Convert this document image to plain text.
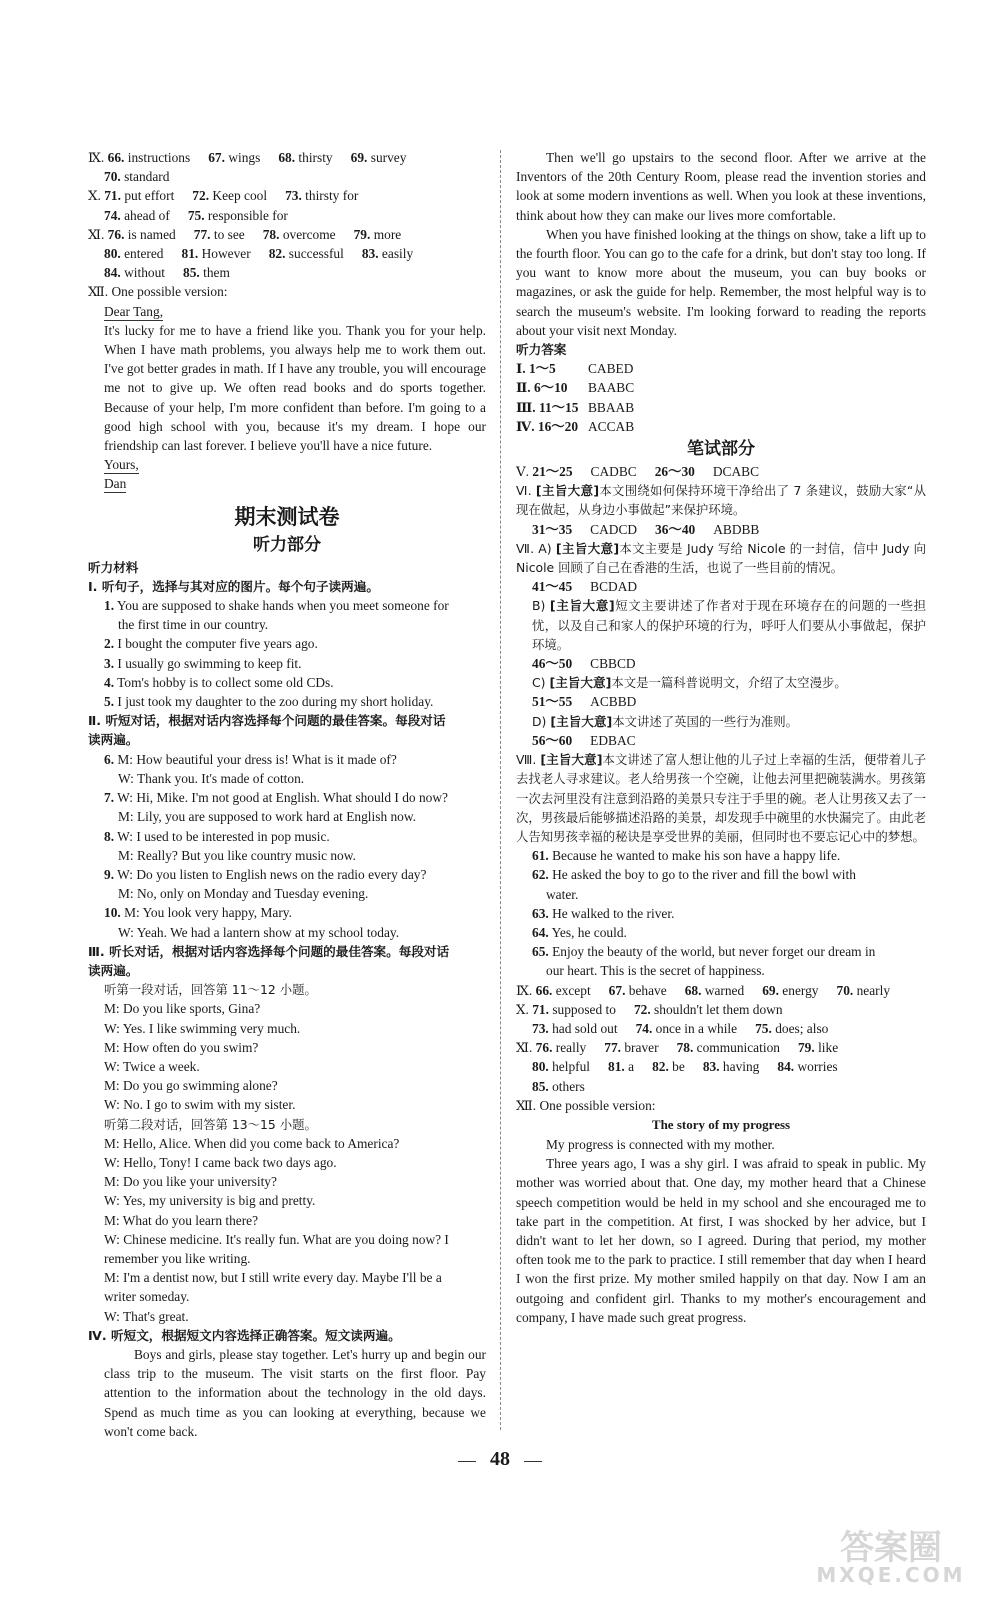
Ⅸ. 66. instructions 67. wings 68. thirsty 69. survey

70. standard

Ⅹ. 71. put effort 72. Keep cool 73. thirsty for

74. ahead of 75. responsible for

Ⅺ. 76. is named 77. to see 78. overcome 79. more

80. entered 81. However 82. successful 83. easily

84. without 85. them

Ⅻ. One possible version:

Dear Tang,

It's lucky for me to have a friend like you. Thank you for your help. When I have math problems, you always help me to work them out. I've got better grades in math. If I have any trouble, you will encourage me not to give up. We often read books and do sports together. Because of your help, I'm more confident than before. I'm going to a good high school with you, because it's my dream. I hope our friendship can last forever. I believe you'll have a nice future.

Yours,

Dan

期末测试卷
听力部分

听力材料

Ⅰ. 听句子，选择与其对应的图片。每个句子读两遍。

1. You are supposed to shake hands when you meet someone for

the first time in our country.

2. I bought the computer five years ago.

3. I usually go swimming to keep fit.

4. Tom's hobby is to collect some old CDs.

5. I just took my daughter to the zoo during my short holiday.

Ⅱ. 听短对话，根据对话内容选择每个问题的最佳答案。每段对话

读两遍。

6. M: How beautiful your dress is! What is it made of?

W: Thank you. It's made of cotton.

7. W: Hi, Mike. I'm not good at English. What should I do now?

M: Lily, you are supposed to work hard at English now.

8. W: I used to be interested in pop music.

M: Really? But you like country music now.

9. W: Do you listen to English news on the radio every day?

M: No, only on Monday and Tuesday evening.

10. M: You look very happy, Mary.

W: Yeah. We had a lantern show at my school today.

Ⅲ. 听长对话，根据对话内容选择每个问题的最佳答案。每段对话

读两遍。

听第一段对话，回答第 11～12 小题。

M: Do you like sports, Gina?

W: Yes. I like swimming very much.

M: How often do you swim?

W: Twice a week.

M: Do you go swimming alone?

W: No. I go to swim with my sister.

听第二段对话，回答第 13～15 小题。

M: Hello, Alice. When did you come back to America?

W: Hello, Tony! I came back two days ago.

M: Do you like your university?

W: Yes, my university is big and pretty.

M: What do you learn there?

W: Chinese medicine. It's really fun. What are you doing now? I

remember you like writing.

M: I'm a dentist now, but I still write every day. Maybe I'll be a

writer someday.

W: That's great.

Ⅳ. 听短文，根据短文内容选择正确答案。短文读两遍。

Boys and girls, please stay together. Let's hurry up and begin our class trip to the museum. The visit starts on the first floor. Pay attention to the information about the technology in the old days. Spend as much time as you can looking at everything, because we won't come back.

Then we'll go upstairs to the second floor. After we arrive at the Inventors of the 20th Century Room, please read the invention stories and look at some modern inventions as well. When you look at these inventions, think about how they can make our lives more comfortable.

When you have finished looking at the things on show, take a lift up to the fourth floor. You can go to the cafe for a drink, but don't stay too long. If you want to know more about the museum, you can buy books or magazines, or ask the guide for help. Remember, the most helpful way is to search the museum's website. I'm looking forward to reading the reports about your visit next Monday.

听力答案

Ⅰ. 1～5 CABED

Ⅱ. 6～10 BAABC

Ⅲ. 11～15 BBAAB

Ⅳ. 16～20 ACCAB

笔试部分

Ⅴ. 21～25 CADBC 26～30 DCABC

Ⅵ. [主旨大意]本文围绕如何保持环境干净给出了 7 条建议，鼓励大家“从现在做起，从身边小事做起”来保护环境。

31～35 CADCD 36～40 ABDBB

Ⅶ. A) [主旨大意]本文主要是 Judy 写给 Nicole 的一封信，信中 Judy 向 Nicole 回顾了自己在香港的生活，也说了一些目前的情况。

41～45 BCDAD

B) [主旨大意]短文主要讲述了作者对于现在环境存在的问题的一些担忧，以及自己和家人的保护环境的行为，呼吁人们要从小事做起，保护环境。

46～50 CBBCD

C) [主旨大意]本文是一篇科普说明文，介绍了太空漫步。

51～55 ACBBD

D) [主旨大意]本文讲述了英国的一些行为准则。

56～60 EDBAC

Ⅷ. [主旨大意]本文讲述了富人想让他的儿子过上幸福的生活，便带着儿子去找老人寻求建议。老人给男孩一个空碗，让他去河里把碗装满水。男孩第一次去河里没有注意到沿路的美景只专注于手里的碗。老人让男孩又去了一次，男孩最后能够描述沿路的美景，却发现手中碗里的水快漏完了。由此老人告知男孩幸福的秘诀是享受世界的美丽，但同时也不要忘记心中的梦想。

61. Because he wanted to make his son have a happy life.

62. He asked the boy to go to the river and fill the bowl with

water.

63. He walked to the river.

64. Yes, he could.

65. Enjoy the beauty of the world, but never forget our dream in

our heart. This is the secret of happiness.

Ⅸ. 66. except 67. behave 68. warned 69. energy 70. nearly

Ⅹ. 71. supposed to 72. shouldn't let them down

73. had sold out 74. once in a while 75. does; also

Ⅺ. 76. really 77. braver 78. communication 79. like

80. helpful 81. a 82. be 83. having 84. worries

85. others

Ⅻ. One possible version:

The story of my progress

My progress is connected with my mother.

Three years ago, I was a shy girl. I was afraid to speak in public. My mother was worried about that. One day, my mother heard that a Chinese speech competition would be held in my school and she encouraged me to take part in the competition. At first, I was shocked by her advice, but I didn't want to let her down, so I agreed. During that period, my mother often took me to the park to practice. I still remember that day when I heard I won the first prize. My mother smiled happily on that day. Now I am an outgoing and confident girl. Thanks to my mother's encouragement and company, I have made such great progress.

48
答案圈
MXQE.COM
